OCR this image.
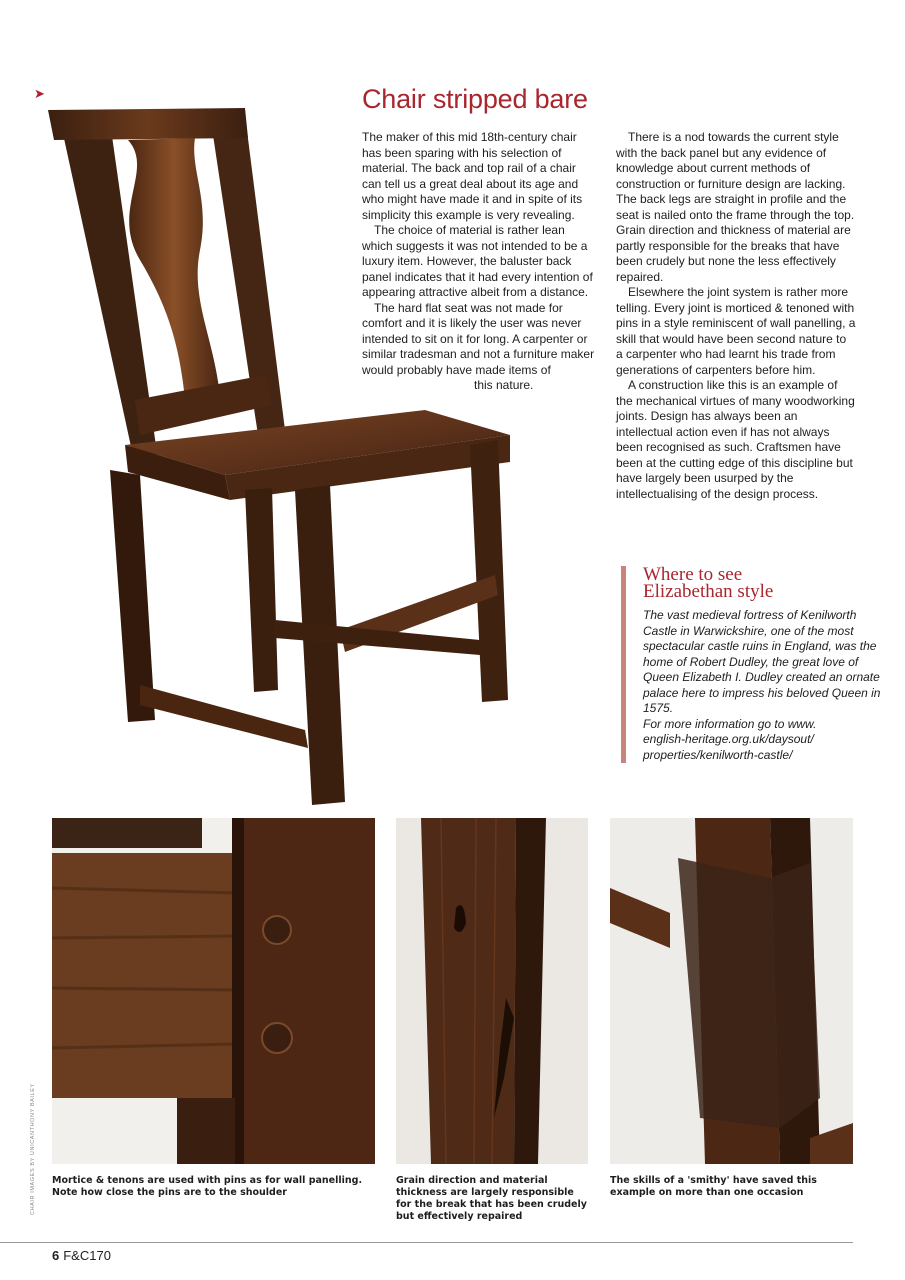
➤	Chair stripped bare

The maker of this mid 18th-century chair has been sparing with his selection of material. The back and top rail of a chair can tell us a great deal about its age and who might have made it and in spite of its simplicity this example is very revealing.

The choice of material is rather lean which suggests it was not intended to be a luxury item. However, the baluster back panel indicates that it had every intention of appearing attractive albeit from a distance.

The hard flat seat was not made for comfort and it is likely the user was never intended to sit on it for long. A carpenter or similar tradesman and not a furniture maker would probably have made items of

this nature.

There is a nod towards the current style with the back panel but any evidence of knowledge about current methods of construction or furniture design are lacking. The back legs are straight in profile and the seat is nailed onto the frame through the top. Grain direction and thickness of material are partly responsible for the breaks that have been crudely but none the less effectively repaired.

Elsewhere the joint system is rather more telling. Every joint is morticed & tenoned with pins in a style reminiscent of wall panelling, a skill that would have been second nature to a carpenter who had learnt his trade from generations of carpenters before him.

A construction like this is an example of the mechanical virtues of many woodworking joints. Design has always been an intellectual action even if has not always been recognised as such. Craftsmen have been at the cutting edge of this discipline but have largely been usurped by the intellectualising of the design process.

Where to see
Elizabethan style

The vast medieval fortress of Kenilworth Castle in Warwickshire, one of the most spectacular castle ruins in England, was the home of Robert Dudley, the great love of Queen Elizabeth I. Dudley created an ornate palace here to impress his beloved Queen in 1575.
For more information go to www.
english-heritage.org.uk/daysout/
properties/kenilworth-castle/

Mortice & tenons are used with pins as for wall panelling. Note how close the pins are to the shoulder
Grain direction and material thickness are largely responsible for the break that has been crudely but effectively repaired
The skills of a 'smithy' have saved this example on more than one occasion
CHAIR IMAGES BY UNICANTHONY BAILEY
6 F&C170
